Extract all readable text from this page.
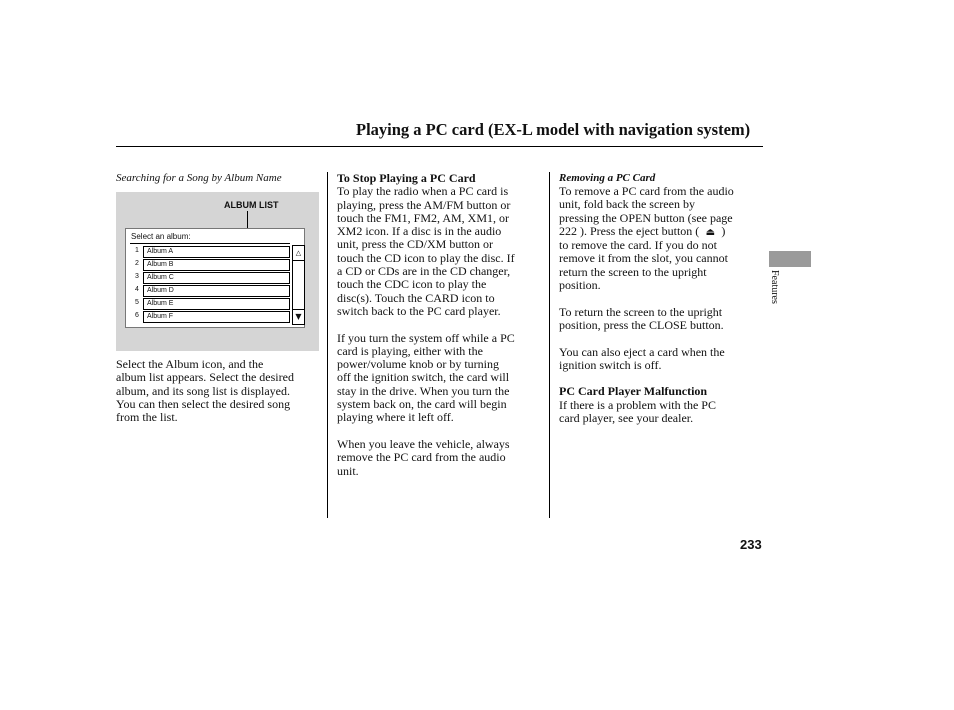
Playing a PC card (EX-L model with navigation system)
Searching for a Song by Album Name
ALBUM LIST
Select an album:
1 Album A
2 Album B
3 Album C
4 Album D
5 Album E
6 Album F
△
▼
Select the Album icon, and the
album list appears. Select the desired
album, and its song list is displayed.
You can then select the desired song
from the list.
To Stop Playing a PC Card
To play the radio when a PC card is
playing, press the AM/FM button or
touch the FM1, FM2, AM, XM1, or
XM2 icon. If a disc is in the audio
unit, press the CD/XM button or
touch the CD icon to play the disc. If
a CD or CDs are in the CD changer,
touch the CDC icon to play the
disc(s). Touch the CARD icon to
switch back to the PC card player.
If you turn the system off while a PC
card is playing, either with the
power/volume knob or by turning
off the ignition switch, the card will
stay in the drive. When you turn the
system back on, the card will begin
playing where it left off.
When you leave the vehicle, always
remove the PC card from the audio
unit.
Removing a PC Card
To remove a PC card from the audio
unit, fold back the screen by
pressing the OPEN button (see page
222 ). Press the eject button ( ⏏ )
to remove the card. If you do not
remove it from the slot, you cannot
return the screen to the upright
position.
To return the screen to the upright
position, press the CLOSE button.
You can also eject a card when the
ignition switch is off.
PC Card Player Malfunction
If there is a problem with the PC
card player, see your dealer.
Features
233
